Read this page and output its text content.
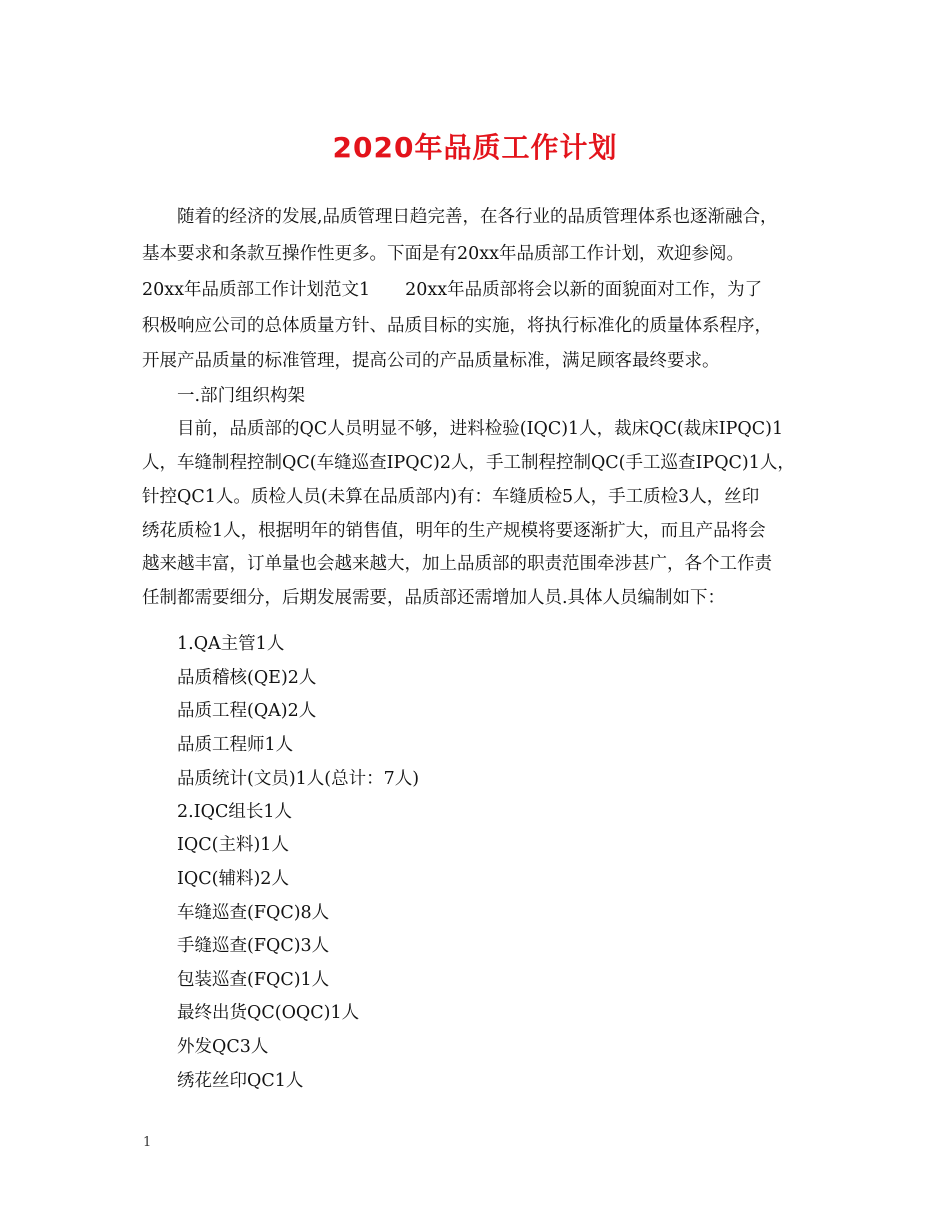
2020年品质工作计划
随着的经济的发展,品质管理日趋完善，在各行业的品质管理体系也逐渐融合，
基本要求和条款互操作性更多。下面是有20xx年品质部工作计划，欢迎参阅。
20xx年品质部工作计划范文1　　20xx年品质部将会以新的面貌面对工作，为了
积极响应公司的总体质量方针、品质目标的实施，将执行标准化的质量体系程序，
开展产品质量的标准管理，提高公司的产品质量标准，满足顾客最终要求。
一.部门组织构架
目前，品质部的QC人员明显不够，进料检验(IQC)1人，裁床QC(裁床IPQC)1
人，车缝制程控制QC(车缝巡查IPQC)2人，手工制程控制QC(手工巡查IPQC)1人，
针控QC1人。质检人员(未算在品质部内)有：车缝质检5人，手工质检3人，丝印
绣花质检1人，根据明年的销售值，明年的生产规模将要逐渐扩大，而且产品将会
越来越丰富，订单量也会越来越大，加上品质部的职责范围牵涉甚广，各个工作责
任制都需要细分，后期发展需要，品质部还需增加人员.具体人员编制如下：
1.QA主管1人
品质稽核(QE)2人
品质工程(QA)2人
品质工程师1人
品质统计(文员)1人(总计：7人)
2.IQC组长1人
IQC(主料)1人
IQC(辅料)2人
车缝巡查(FQC)8人
手缝巡查(FQC)3人
包装巡查(FQC)1人
最终出货QC(OQC)1人
外发QC3人
绣花丝印QC1人
1
